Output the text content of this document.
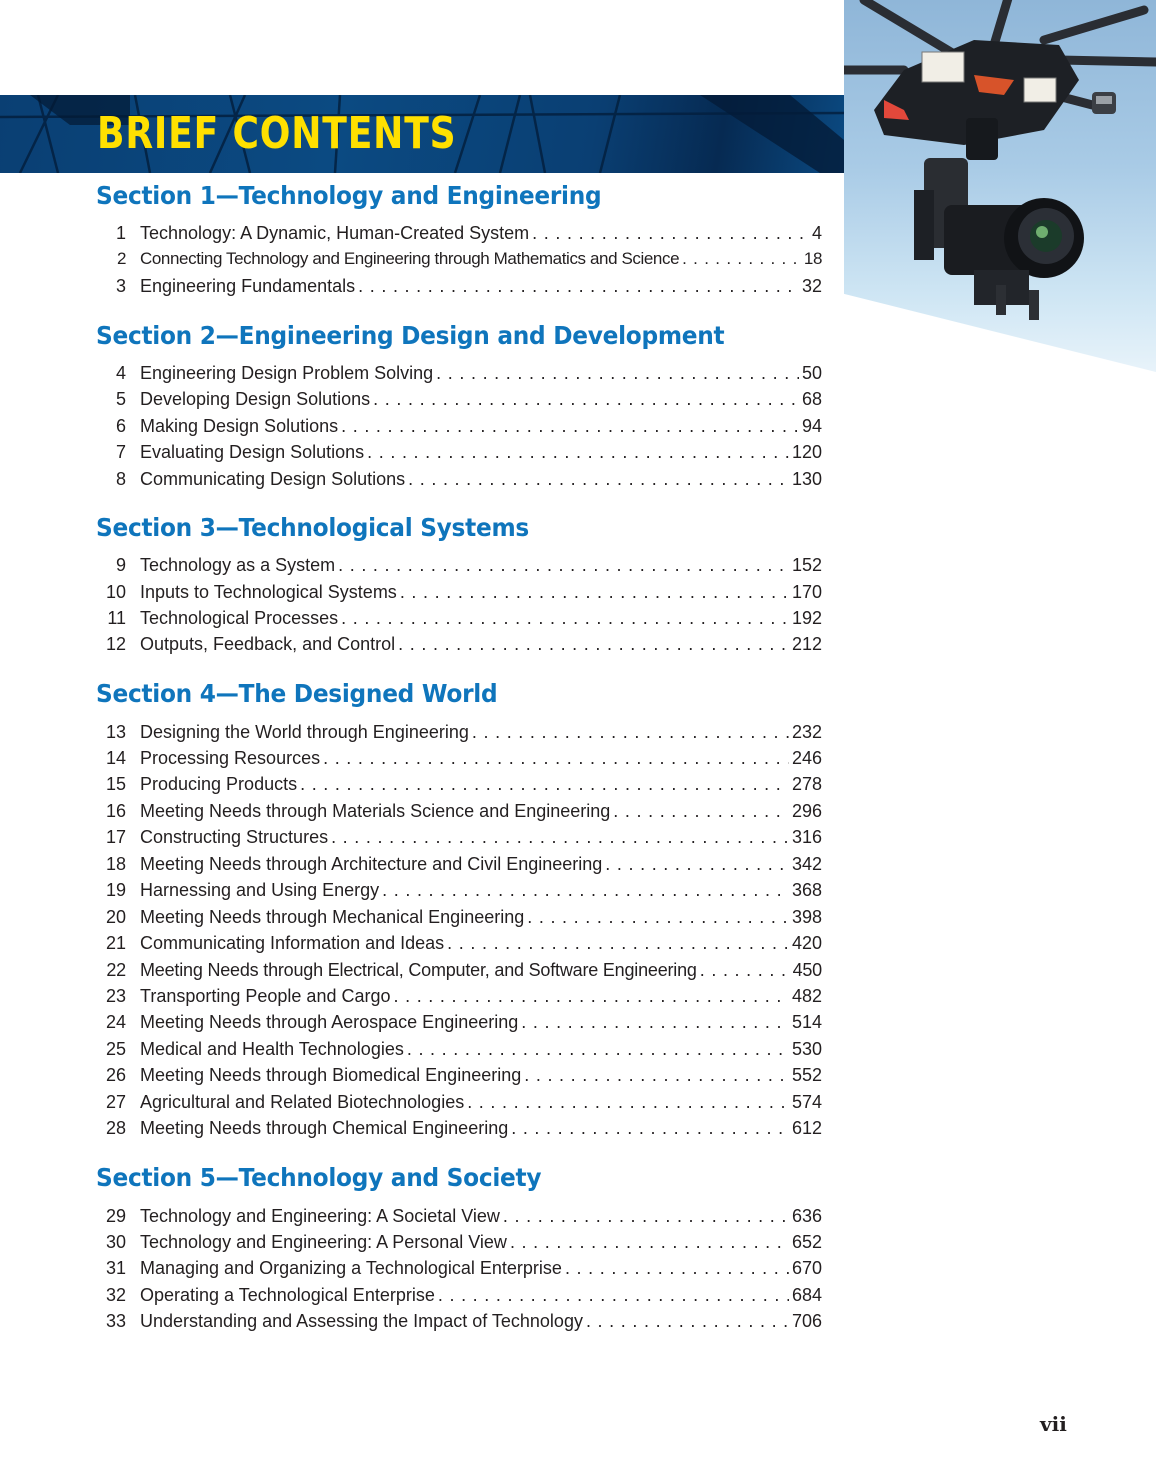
BRIEF CONTENTS
Section 1—Technology and Engineering
1 Technology: A Dynamic, Human-Created System . . .	4
2 Connecting Technology and Engineering through Mathematics and Science . . .	18
3 Engineering Fundamentals . . .	32
Section 2—Engineering Design and Development
4 Engineering Design Problem Solving . . .	50
5 Developing Design Solutions . . .	68
6 Making Design Solutions . . .	94
7 Evaluating Design Solutions . . .	120
8 Communicating Design Solutions . . .	130
Section 3—Technological Systems
9 Technology as a System . . .	152
10 Inputs to Technological Systems . . .	170
11 Technological Processes . . .	192
12 Outputs, Feedback, and Control . . .	212
Section 4—The Designed World
13 Designing the World through Engineering . . .	232
14 Processing Resources . . .	246
15 Producing Products . . .	278
16 Meeting Needs through Materials Science and Engineering . . .	296
17 Constructing Structures . . .	316
18 Meeting Needs through Architecture and Civil Engineering . . .	342
19 Harnessing and Using Energy . . .	368
20 Meeting Needs through Mechanical Engineering . . .	398
21 Communicating Information and Ideas . . .	420
22 Meeting Needs through Electrical, Computer, and Software Engineering . . .	450
23 Transporting People and Cargo . . .	482
24 Meeting Needs through Aerospace Engineering . . .	514
25 Medical and Health Technologies . . .	530
26 Meeting Needs through Biomedical Engineering . . .	552
27 Agricultural and Related Biotechnologies . . .	574
28 Meeting Needs through Chemical Engineering . . .	612
Section 5—Technology and Society
29 Technology and Engineering: A Societal View . . .	636
30 Technology and Engineering: A Personal View . . .	652
31 Managing and Organizing a Technological Enterprise . . .	670
32 Operating a Technological Enterprise . . .	684
33 Understanding and Assessing the Impact of Technology . . .	706
vii
